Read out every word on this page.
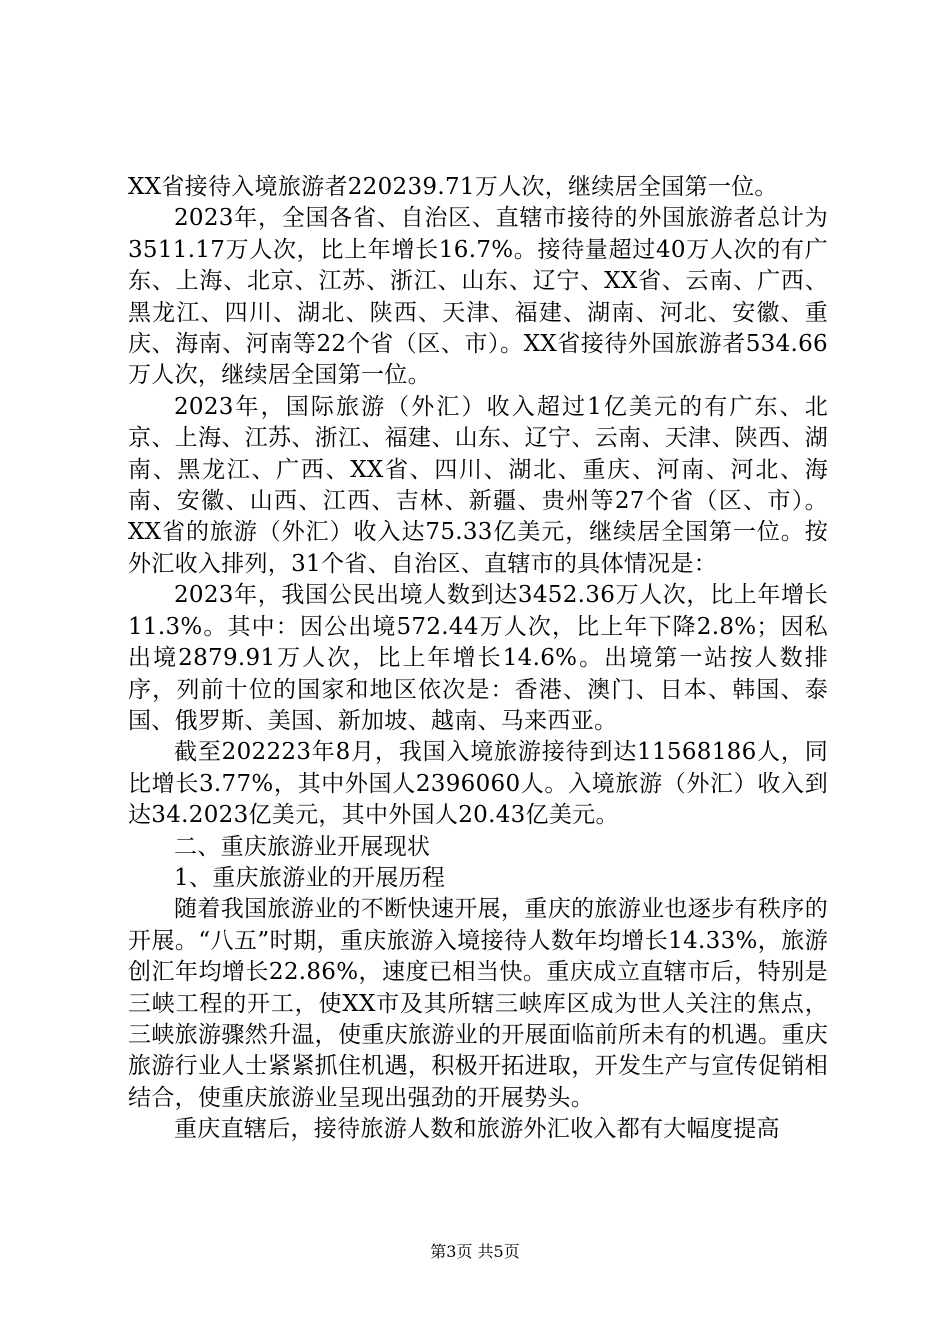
XX省接待入境旅游者220239.71万人次，继续居全国第一位。

2023年，全国各省、自治区、直辖市接待的外国旅游者总计为3511.17万人次，比上年增长16.7%。接待量超过40万人次的有广东、上海、北京、江苏、浙江、山东、辽宁、XX省、云南、广西、黑龙江、四川、湖北、陕西、天津、福建、湖南、河北、安徽、重庆、海南、河南等22个省（区、市）。XX省接待外国旅游者534.66万人次，继续居全国第一位。

2023年，国际旅游（外汇）收入超过1亿美元的有广东、北京、上海、江苏、浙江、福建、山东、辽宁、云南、天津、陕西、湖南、黑龙江、广西、XX省、四川、湖北、重庆、河南、河北、海南、安徽、山西、江西、吉林、新疆、贵州等27个省（区、市）。XX省的旅游（外汇）收入达75.33亿美元，继续居全国第一位。按外汇收入排列，31个省、自治区、直辖市的具体情况是：

2023年，我国公民出境人数到达3452.36万人次，比上年增长11.3%。其中：因公出境572.44万人次，比上年下降2.8%；因私出境2879.91万人次，比上年增长14.6%。出境第一站按人数排序，列前十位的国家和地区依次是：香港、澳门、日本、韩国、泰国、俄罗斯、美国、新加坡、越南、马来西亚。

截至202223年8月，我国入境旅游接待到达11568186人，同比增长3.77%，其中外国人2396060人。入境旅游（外汇）收入到达34.2023亿美元，其中外国人20.43亿美元。

二、重庆旅游业开展现状

1、重庆旅游业的开展历程

随着我国旅游业的不断快速开展，重庆的旅游业也逐步有秩序的开展。“八五”时期，重庆旅游入境接待人数年均增长14.33%，旅游创汇年均增长22.86%，速度已相当快。重庆成立直辖市后，特别是三峡工程的开工，使XX市及其所辖三峡库区成为世人关注的焦点，三峡旅游骤然升温，使重庆旅游业的开展面临前所未有的机遇。重庆旅游行业人士紧紧抓住机遇，积极开拓进取，开发生产与宣传促销相结合，使重庆旅游业呈现出强劲的开展势头。

重庆直辖后，接待旅游人数和旅游外汇收入都有大幅度提高

第3页 共5页
